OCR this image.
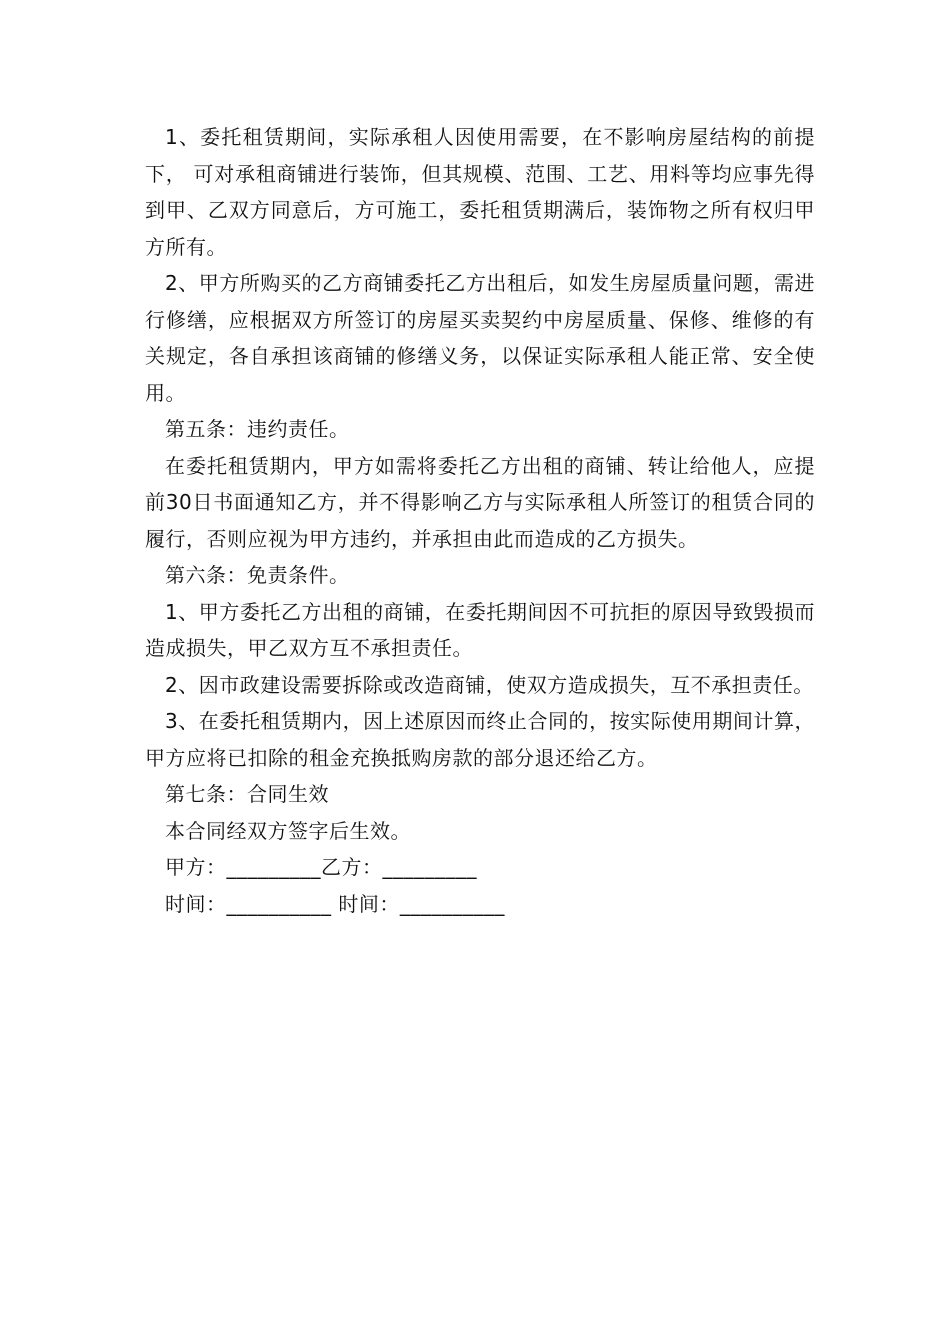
1、委托租赁期间，实际承租人因使用需要，在不影响房屋结构的前提下， 可对承租商铺进行装饰，但其规模、范围、工艺、用料等均应事先得到甲、乙双方同意后，方可施工，委托租赁期满后，装饰物之所有权归甲方所有。

2、甲方所购买的乙方商铺委托乙方出租后，如发生房屋质量问题，需进行修缮，应根据双方所签订的房屋买卖契约中房屋质量、保修、维修的有关规定，各自承担该商铺的修缮义务，以保证实际承租人能正常、安全使用。

第五条：违约责任。

在委托租赁期内，甲方如需将委托乙方出租的商铺、转让给他人，应提前30日书面通知乙方，并不得影响乙方与实际承租人所签订的租赁合同的履行，否则应视为甲方违约，并承担由此而造成的乙方损失。

第六条：免责条件。

1、甲方委托乙方出租的商铺，在委托期间因不可抗拒的原因导致毁损而造成损失，甲乙双方互不承担责任。

2、因市政建设需要拆除或改造商铺，使双方造成损失，互不承担责任。

3、在委托租赁期内，因上述原因而终止合同的，按实际使用期间计算，甲方应将已扣除的租金充换抵购房款的部分退还给乙方。

第七条：合同生效

本合同经双方签字后生效。

甲方：_________乙方：_________

时间：__________ 时间：__________
